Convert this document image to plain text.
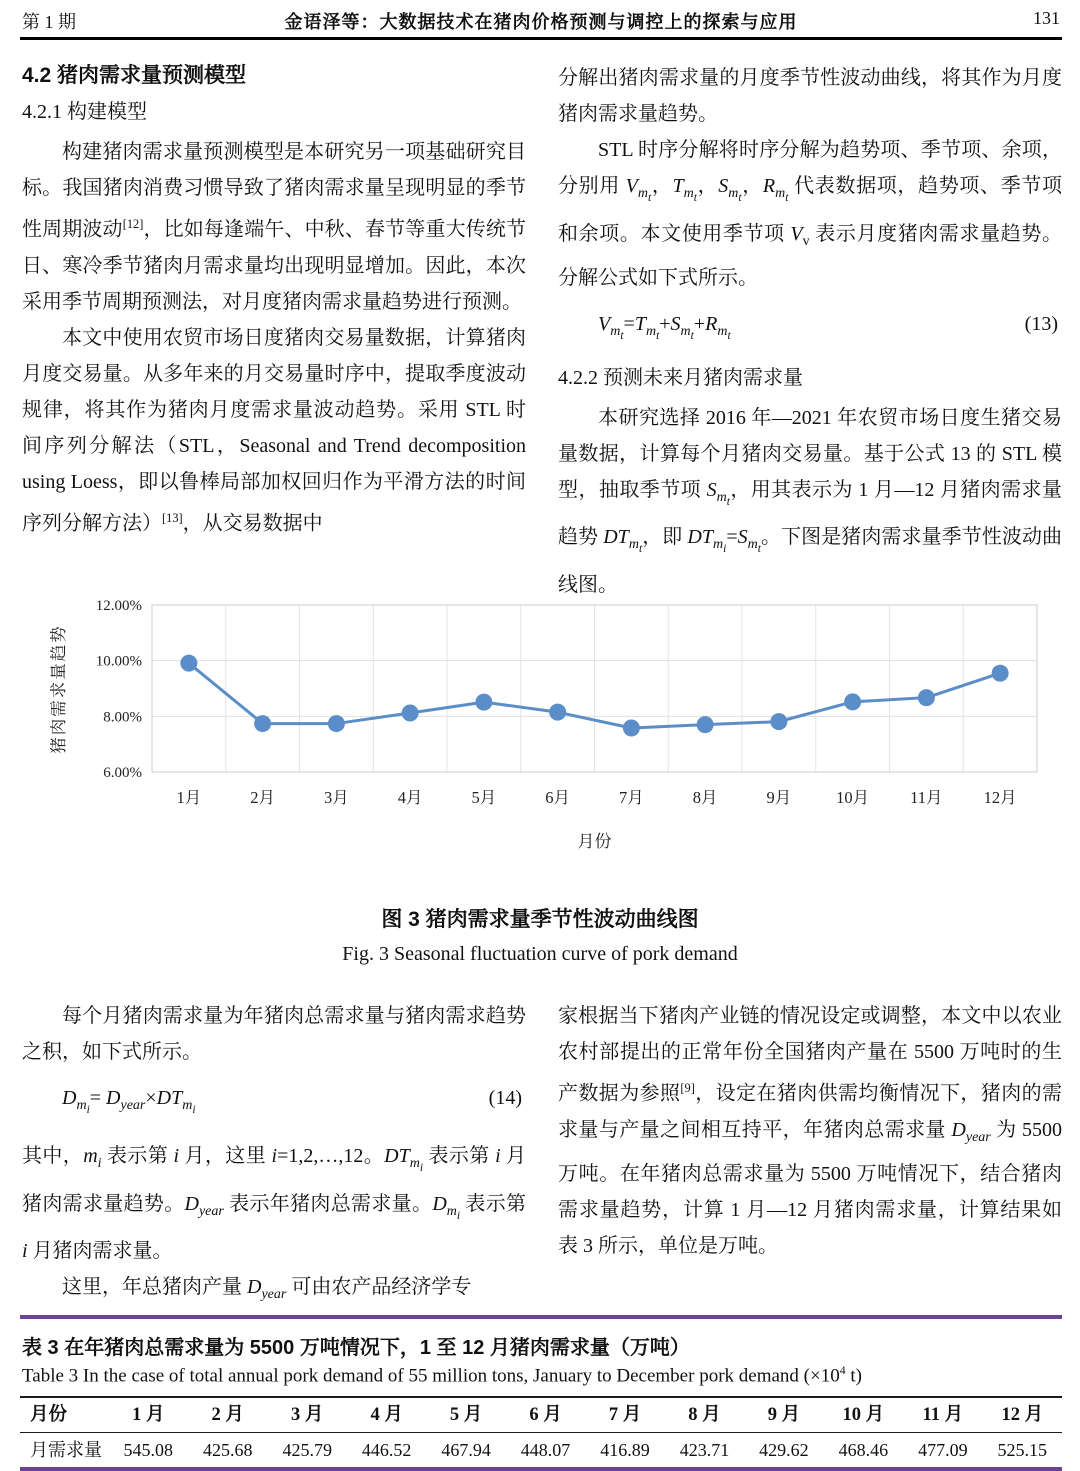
第 1 期	金语泽等：大数据技术在猪肉价格预测与调控上的探索与应用	131
4.2 猪肉需求量预测模型
4.2.1 构建模型

构建猪肉需求量预测模型是本研究另一项基础研究目标。我国猪肉消费习惯导致了猪肉需求量呈现明显的季节性周期波动[12]，比如每逢端午、中秋、春节等重大传统节日、寒冷季节猪肉月需求量均出现明显增加。因此，本次采用季节周期预测法，对月度猪肉需求量趋势进行预测。

本文中使用农贸市场日度猪肉交易量数据，计算猪肉月度交易量。从多年来的月交易量时序中，提取季度波动规律，将其作为猪肉月度需求量波动趋势。采用 STL 时间序列分解法（STL，Seasonal and Trend decomposition using Loess，即以鲁棒局部加权回归作为平滑方法的时间序列分解方法）[13]，从交易数据中

分解出猪肉需求量的月度季节性波动曲线，将其作为月度猪肉需求量趋势。

STL 时序分解将时序分解为趋势项、季节项、余项，分别用 $V_{m_t}$，$T_{m_t}$，$S_{m_t}$，$R_{m_t}$ 代表数据项，趋势项、季节项和余项。本文使用季节项 $V_v$ 表示月度猪肉需求量趋势。分解公式如下式所示。

$V_{m_t}=T_{m_t}+S_{m_t}+R_{m_t}$
(13)
4.2.2 预测未来月猪肉需求量

本研究选择 2016 年—2021 年农贸市场日度生猪交易量数据，计算每个月猪肉交易量。基于公式 13 的 STL 模型，抽取季节项 $S_{m_t}$，用其表示为 1 月—12 月猪肉需求量趋势 $DT_{m_t}$，即 $DT_{m_i}=S_{m_t}$。下图是猪肉需求量季节性波动曲线图。

6.00%
8.00%
10.00%
12.00%
1月	2月	3月	4月	5月	6月	7月	8月	9月	10月 11月 12月
月份
猪肉需求量趋势
图 3 猪肉需求量季节性波动曲线图
Fig. 3 Seasonal fluctuation curve of pork demand

每个月猪肉需求量为年猪肉总需求量与猪肉需求趋势之积，如下式所示。

$D_{m_i}= D_{year}\times DT_{m_i}$
(14)

其中，$m_i$ 表示第 i 月，这里 i=1,2,…,12。$DT_{m_i}$ 表示第 i 月猪肉需求量趋势。$D_{year}$ 表示年猪肉总需求量。$D_{m_i}$ 表示第 i 月猪肉需求量。

这里，年总猪肉产量 $D_{year}$ 可由农产品经济学专

家根据当下猪肉产业链的情况设定或调整，本文中以农业农村部提出的正常年份全国猪肉产量在 5500 万吨时的生产数据为参照[9]，设定在猪肉供需均衡情况下，猪肉的需求量与产量之间相互持平，年猪肉总需求量 $D_{year}$ 为 5500 万吨。在年猪肉总需求量为 5500 万吨情况下，结合猪肉需求量趋势，计算 1 月—12 月猪肉需求量，计算结果如表 3 所示，单位是万吨。

表 3 在年猪肉总需求量为 5500 万吨情况下，1 至 12 月猪肉需求量（万吨）
Table 3 In the case of total annual pork demand of 55 million tons, January to December pork demand ($\times 10^4$ t)
月份	1 月	2 月	3 月	4 月	5 月	6 月	7 月	8 月	9 月	10 月	11 月	12 月
月需求量	545.08	425.68	425.79	446.52	467.94	448.07	416.89	423.71	429.62	468.46	477.09	525.15
